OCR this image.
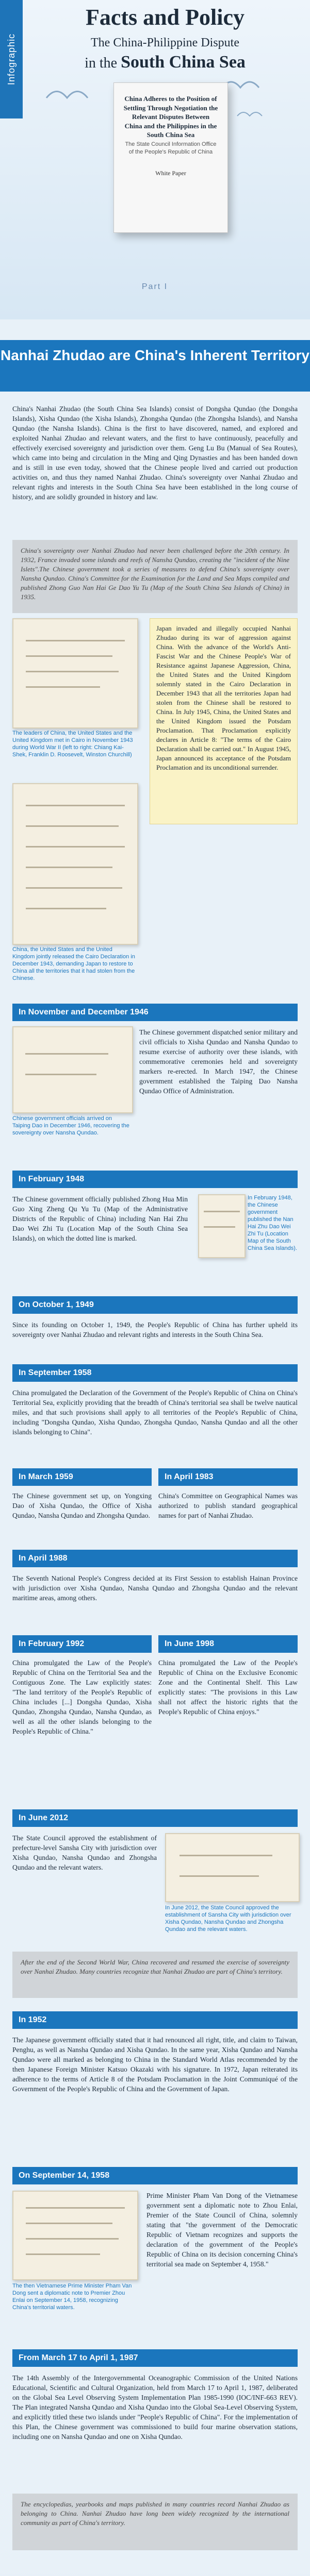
Facts and Policy
The China-Philippine Dispute
in the South China Sea
China Adheres to the Position of Settling Through Negotiation the Relevant Disputes Between China and the Philippines in the South China Sea
The State Council Information Office of the People's Republic of China
White Paper
Part I
Infographic
Nanhai Zhudao are China's Inherent Territory
China's Nanhai Zhudao (the South China Sea Islands) consist of Dongsha Qundao (the Dongsha Islands), Xisha Qundao (the Xisha Islands), Zhongsha Qundao (the Zhongsha Islands), and Nansha Qundao (the Nansha Islands). China is the first to have discovered, named, and explored and exploited Nanhai Zhudao and relevant waters, and the first to have continuously, peacefully and effectively exercised sovereignty and jurisdiction over them. Geng Lu Bu (Manual of Sea Routes), which came into being and circulation in the Ming and Qing Dynasties and has been handed down and is still in use even today, showed that the Chinese people lived and carried out production activities on, and thus they named Nanhai Zhudao. China's sovereignty over Nanhai Zhudao and relevant rights and interests in the South China Sea have been established in the long course of history, and are solidly grounded in history and law.
China's sovereignty over Nanhai Zhudao had never been challenged before the 20th century. In 1932, France invaded some islands and reefs of Nansha Qundao, creating the "incident of the Nine Islets".The Chinese government took a series of measures to defend China's sovereignty over Nansha Qundao. China's Committee for the Examination for the Land and Sea Maps compiled and published Zhong Guo Nan Hai Ge Dao Yu Tu (Map of the South China Sea Islands of China) in 1935.
The leaders of China, the United States and the United Kingdom met in Cairo in November 1943 during World War II (left to right: Chiang Kai-Shek, Franklin D. Roosevelt, Winston Churchill)
China, the United States and the United Kingdom jointly released the Cairo Declaration in December 1943, demanding Japan to restore to China all the territories that it had stolen from the Chinese.
Japan invaded and illegally occupied Nanhai Zhudao during its war of aggression against China. With the advance of the World's Anti-Fascist War and the Chinese People's War of Resistance against Japanese Aggression, China, the United States and the United Kingdom solemnly stated in the Cairo Declaration in December 1943 that all the territories Japan had stolen from the Chinese shall be restored to China. In July 1945, China, the United States and the United Kingdom issued the Potsdam Proclamation. That Proclamation explicitly declares in Article 8: "The terms of the Cairo Declaration shall be carried out." In August 1945, Japan announced its acceptance of the Potsdam Proclamation and its unconditional surrender.
In November and December 1946
Chinese government officials arrived on Taiping Dao in December 1946, recovering the sovereignty over Nansha Qundao.
The Chinese government dispatched senior military and civil officials to Xisha Qundao and Nansha Qundao to resume exercise of authority over these islands, with commemorative ceremonies held and sovereignty markers re-erected. In March 1947, the Chinese government established the Taiping Dao Nansha Qundao Office of Administration.
In February 1948
The Chinese government officially published Zhong Hua Min Guo Xing Zheng Qu Yu Tu (Map of the Administrative Districts of the Republic of China) including Nan Hai Zhu Dao Wei Zhi Tu (Location Map of the South China Sea Islands), on which the dotted line is marked.
In February 1948, the Chinese government published the Nan Hai Zhu Dao Wei Zhi Tu (Location Map of the South China Sea Islands).
On October 1, 1949
Since its founding on October 1, 1949, the People's Republic of China has further upheld its sovereignty over Nanhai Zhudao and relevant rights and interests in the South China Sea.
In September 1958
China promulgated the Declaration of the Government of the People's Republic of China on China's Territorial Sea, explicitly providing that the breadth of China's territorial sea shall be twelve nautical miles, and that such provisions shall apply to all territories of the People's Republic of China, including "Dongsha Qundao, Xisha Qundao, Zhongsha Qundao, Nansha Qundao and all the other islands belonging to China".
In March 1959
The Chinese government set up, on Yongxing Dao of Xisha Qundao, the Office of Xisha Qundao, Nansha Qundao and Zhongsha Qundao.
In April 1983
China's Committee on Geographical Names was authorized to publish standard geographical names for part of Nanhai Zhudao.
In April 1988
The Seventh National People's Congress decided at its First Session to establish Hainan Province with jurisdiction over Xisha Qundao, Nansha Qundao and Zhongsha Qundao and the relevant maritime areas, among others.
In February 1992
China promulgated the Law of the People's Republic of China on the Territorial Sea and the Contiguous Zone. The Law explicitly states: "The land territory of the People's Republic of China includes [...] Dongsha Qundao, Xisha Qundao, Zhongsha Qundao, Nansha Qundao, as well as all the other islands belonging to the People's Republic of China."
In June 1998
China promulgated the Law of the People's Republic of China on the Exclusive Economic Zone and the Continental Shelf. This Law explicitly states: "The provisions in this Law shall not affect the historic rights that the People's Republic of China enjoys."
In June 2012
The State Council approved the establishment of prefecture-level Sansha City with jurisdiction over Xisha Qundao, Nansha Qundao and Zhongsha Qundao and the relevant waters.
In June 2012, the State Council approved the establishment of Sansha City with jurisdiction over Xisha Qundao, Nansha Qundao and Zhongsha Qundao and the relevant waters.
After the end of the Second World War, China recovered and resumed the exercise of sovereignty over Nanhai Zhudao. Many countries recognize that Nanhai Zhudao are part of China's territory.
In 1952
The Japanese government officially stated that it had renounced all right, title, and claim to Taiwan, Penghu, as well as Nansha Qundao and Xisha Qundao. In the same year, Xisha Qundao and Nansha Qundao were all marked as belonging to China in the Standard World Atlas recommended by the then Japanese Foreign Minister Katsuo Okazaki with his signature. In 1972, Japan reiterated its adherence to the terms of Article 8 of the Potsdam Proclamation in the Joint Communiqué of the Government of the People's Republic of China and the Government of Japan.
On September 14, 1958
The then Vietnamese Prime Minister Pham Van Dong sent a diplomatic note to Premier Zhou Enlai on September 14, 1958, recognizing China's territorial waters.
Prime Minister Pham Van Dong of the Vietnamese government sent a diplomatic note to Zhou Enlai, Premier of the State Council of China, solemnly stating that "the government of the Democratic Republic of Vietnam recognizes and supports the declaration of the government of the People's Republic of China on its decision concerning China's territorial sea made on September 4, 1958."
From March 17 to April 1, 1987
The 14th Assembly of the Intergovernmental Oceanographic Commission of the United Nations Educational, Scientific and Cultural Organization, held from March 17 to April 1, 1987, deliberated on the Global Sea Level Observing System Implementation Plan 1985-1990 (IOC/INF-663 REV). The Plan integrated Nansha Qundao and Xisha Qundao into the Global Sea-Level Observing System, and explicitly titled these two islands under "People's Republic of China". For the implementation of this Plan, the Chinese government was commissioned to build four marine observation stations, including one on Nansha Qundao and one on Xisha Qundao.
The encyclopedias, yearbooks and maps published in many countries record Nanhai Zhudao as belonging to China. Nanhai Zhudao have long been widely recognized by the international community as part of China's territory.
